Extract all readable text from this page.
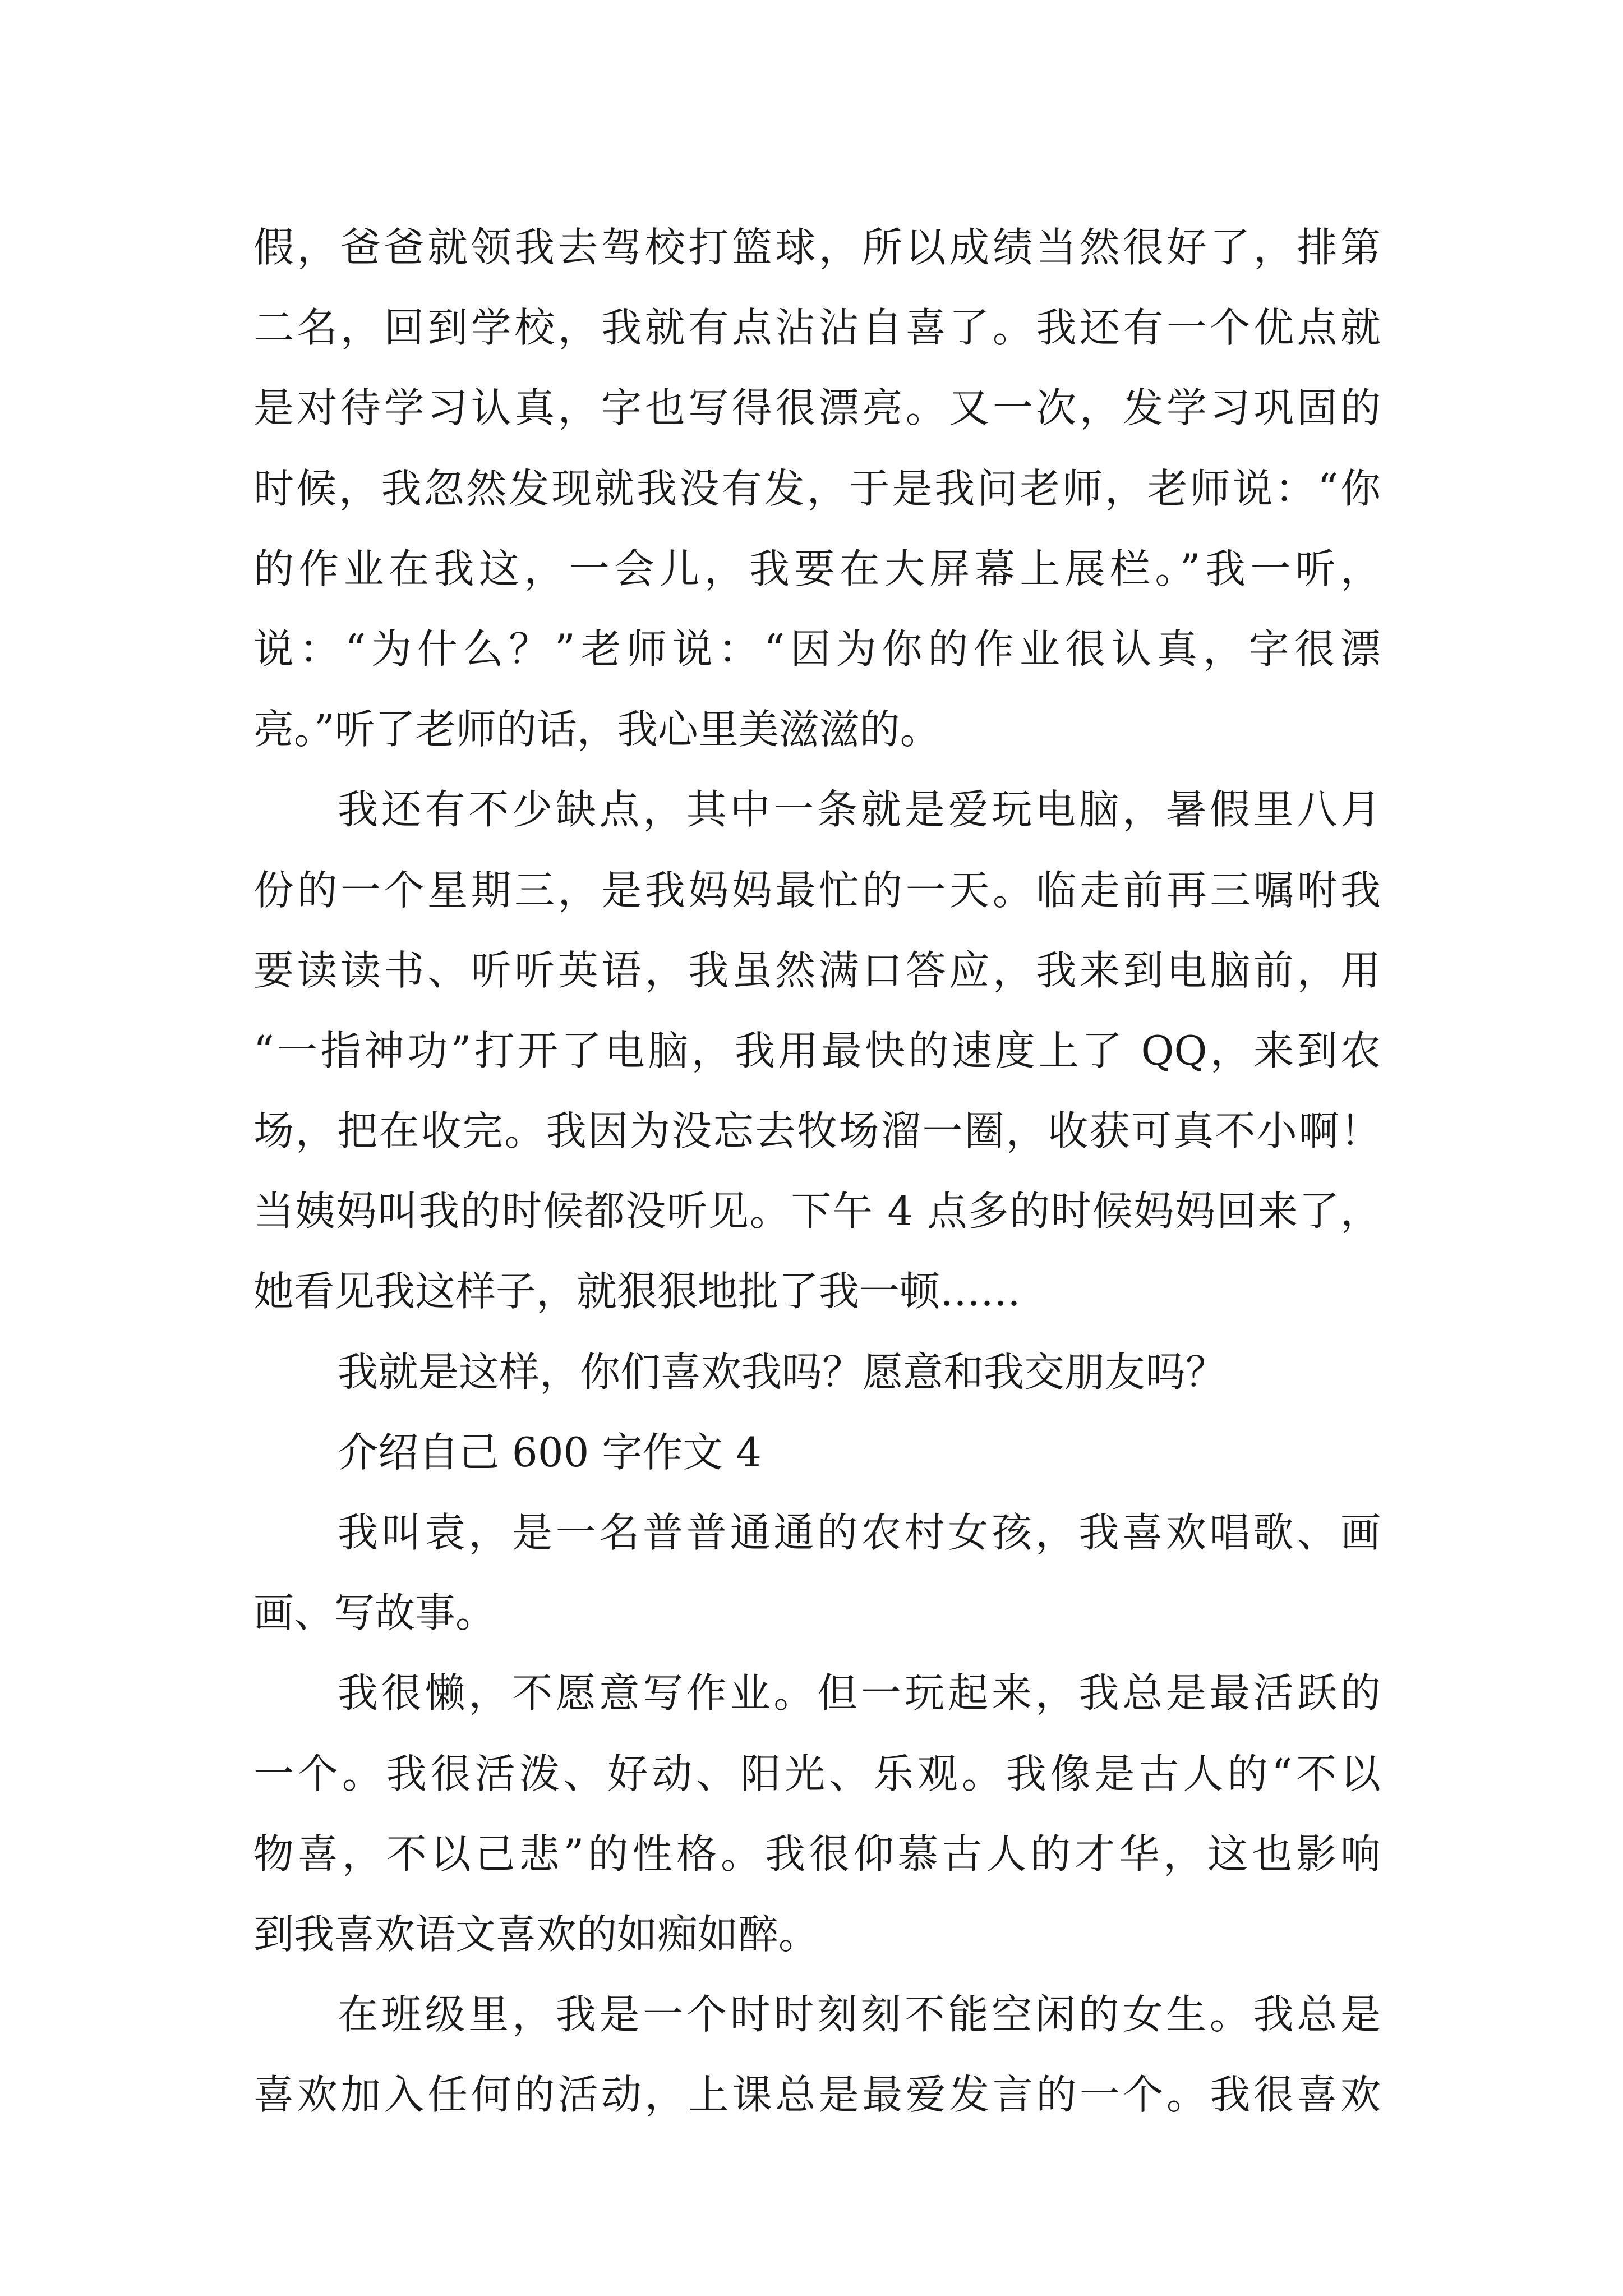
假，爸爸就领我去驾校打篮球，所以成绩当然很好了，排第
二名，回到学校，我就有点沾沾自喜了。我还有一个优点就
是对待学习认真，字也写得很漂亮。又一次，发学习巩固的
时候，我忽然发现就我没有发，于是我问老师，老师说：“你
的作业在我这，一会儿，我要在大屏幕上展栏。”我一听，
说：“为什么？”老师说：“因为你的作业很认真，字很漂
亮。”听了老师的话，我心里美滋滋的。
我还有不少缺点，其中一条就是爱玩电脑，暑假里八月
份的一个星期三，是我妈妈最忙的一天。临走前再三嘱咐我
要读读书、听听英语，我虽然满口答应，我来到电脑前，用
“一指神功”打开了电脑，我用最快的速度上了 QQ，来到农
场，把在收完。我因为没忘去牧场溜一圈，收获可真不小啊！
当姨妈叫我的时候都没听见。下午 4 点多的时候妈妈回来了，
她看见我这样子，就狠狠地批了我一顿……
我就是这样，你们喜欢我吗？愿意和我交朋友吗？
介绍自己 600 字作文 4
我叫袁，是一名普普通通的农村女孩，我喜欢唱歌、画
画、写故事。
我很懒，不愿意写作业。但一玩起来，我总是最活跃的
一个。我很活泼、好动、阳光、乐观。我像是古人的“不以
物喜，不以己悲”的性格。我很仰慕古人的才华，这也影响
到我喜欢语文喜欢的如痴如醉。
在班级里，我是一个时时刻刻不能空闲的女生。我总是
喜欢加入任何的活动，上课总是最爱发言的一个。我很喜欢
